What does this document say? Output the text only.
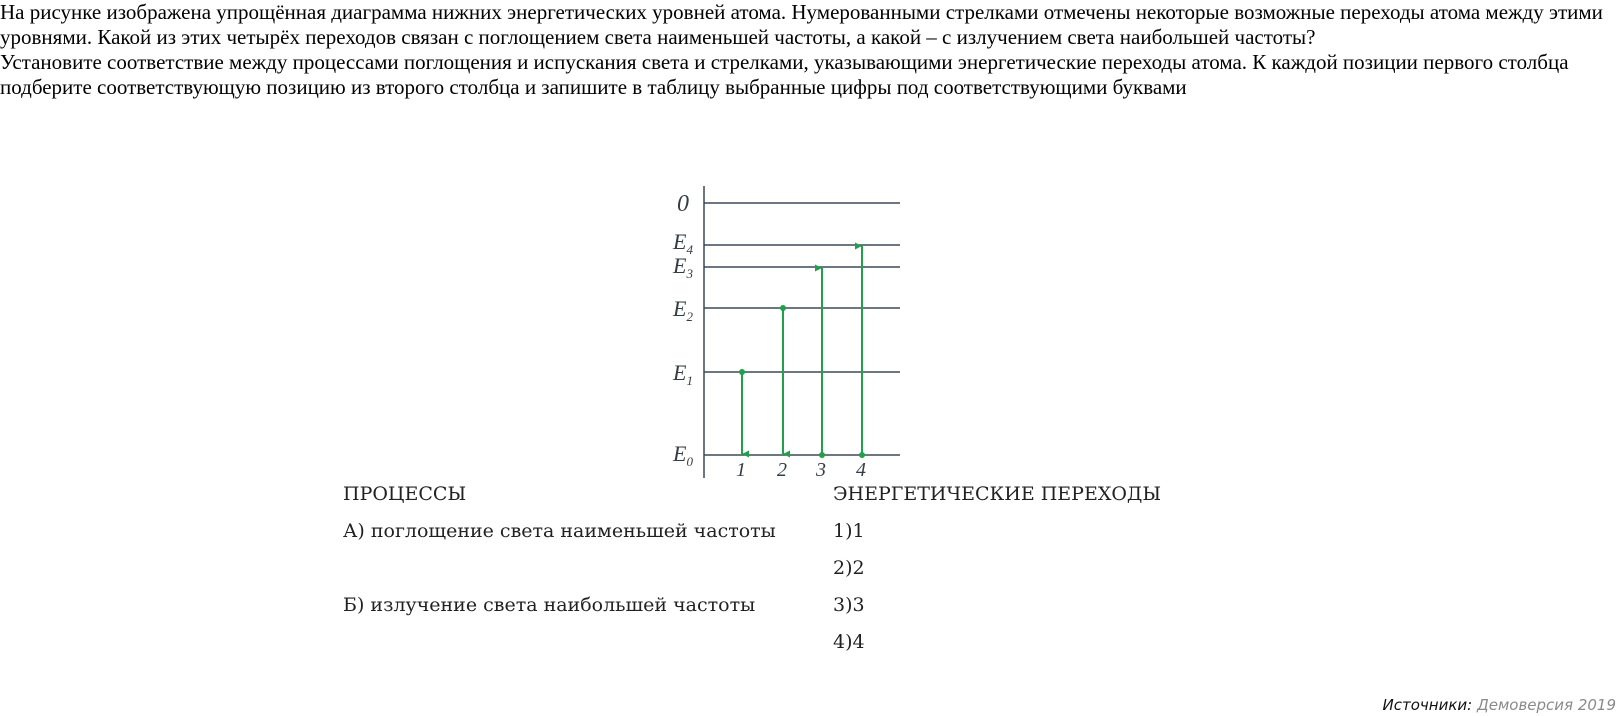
На рисунке изображена упрощённая диаграмма нижних энергетических уровней атома. Нумерованными стрелками отмечены некоторые возможные переходы атома между этими уровнями. Какой из этих четырёх переходов связан с поглощением света наименьшей частоты, а какой – с излучением света наибольшей частоты?

Установите соответствие между процессами поглощения и испускания света и стрелками, указывающими энергетические переходы атома. К каждой позиции первого столбца подберите соответствующую позицию из второго столбца и запишите в таблицу выбранные цифры под соответствующими буквами

0
$E_4$
$E_3$
$E_2$
$E_1$
$E_0$ 1 2 3 4
ПРОЦЕССЫ	ЭНЕРГЕТИЧЕСКИЕ ПЕРЕХОДЫ
А) поглощение света наименьшей частоты
Б) излучение света наибольшей частоты
1)1
2)2
3)3
4)4
Источники: Демоверсия 2019
